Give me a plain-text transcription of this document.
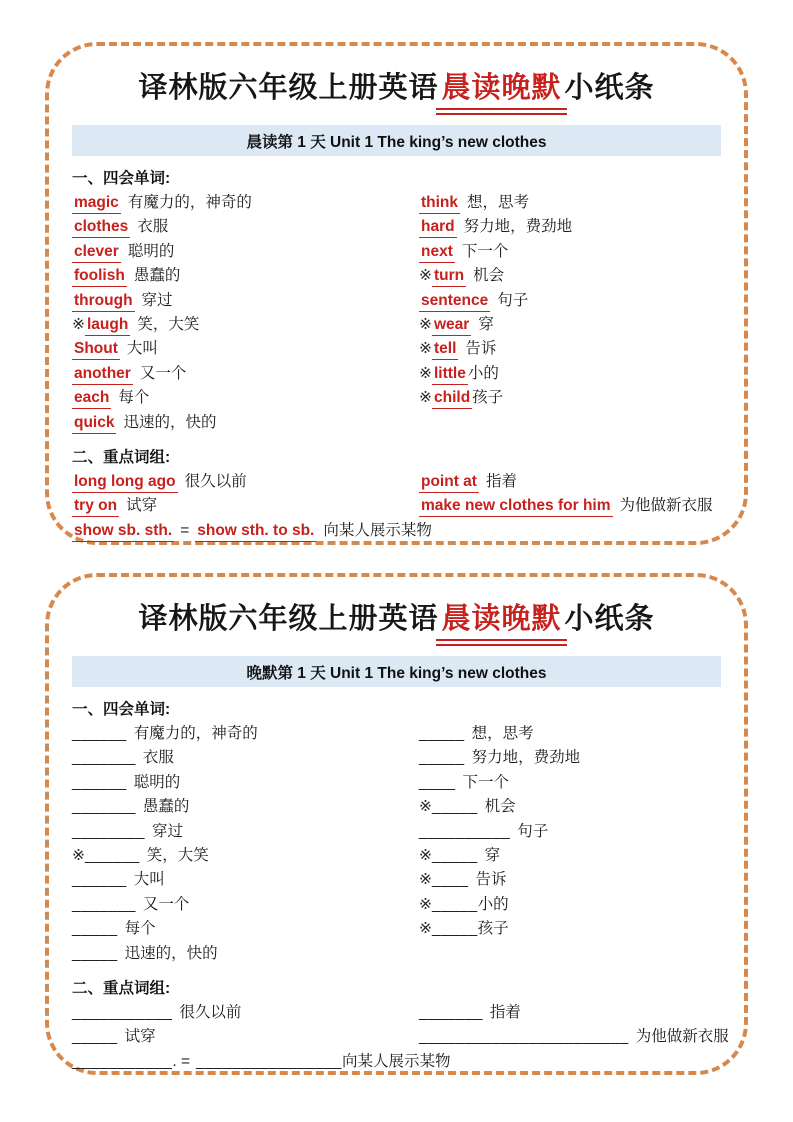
译林版六年级上册英语 晨读晚默 小纸条
晨读第 1 天 Unit 1 The king’s new clothes
一、四会单词:
magic 有魔力的，神奇的
clothes 衣服
clever 聪明的
foolish 愚蠢的
through 穿过
※ laugh 笑，大笑
Shout 大叫
another 又一个
each 每个
quick 迅速的，快的
think 想，思考
hard 努力地，费劲地
next 下一个
※ turn 机会
sentence 句子
※ wear 穿
※ tell 告诉
※ little 小的
※ child 孩子
二、重点词组:
long long ago 很久以前
try on 试穿
point at 指着
make new clothes for him 为他做新衣服
show sb. sth. = show sth. to sb. 向某人展示某物
译林版六年级上册英语 晨读晚默 小纸条
晚默第 1 天 Unit 1 The king’s new clothes
一、四会单词:
______ 有魔力的，神奇的
_______ 衣服
______ 聪明的
_______ 愚蠢的
________ 穿过
※______ 笑，大笑
______ 大叫
_______ 又一个
_____ 每个
_____ 迅速的，快的
_____ 想，思考
_____ 努力地，费劲地
____ 下一个
※_____ 机会
__________ 句子
※_____ 穿
※____ 告诉
※_____小的
※_____孩子
二、重点词组:
___________ 很久以前
_____ 试穿
_______ 指着
_______________________ 为他做新衣服
___________. = ________________向某人展示某物
